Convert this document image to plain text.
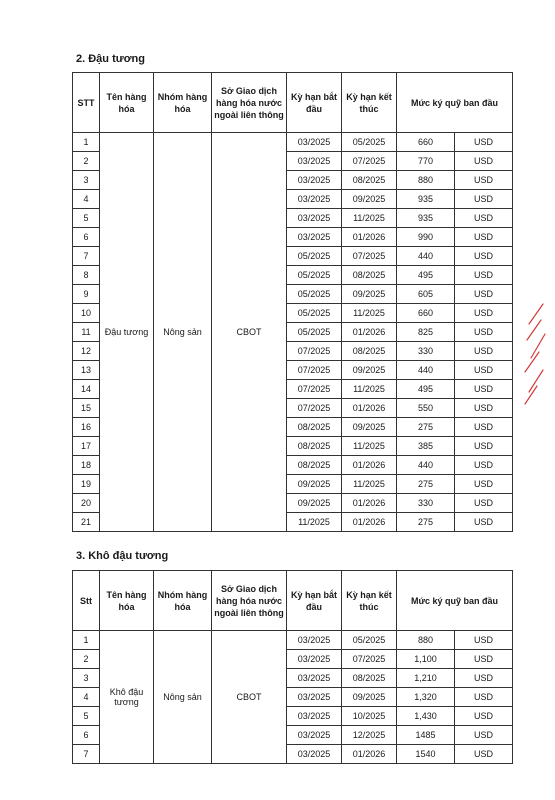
2. Đậu tương
STT	Tên hàng hóa	Nhóm hàng hóa	Sở Giao dịch hàng hóa nước ngoài liên thông	Kỳ hạn bắt đầu	Kỳ hạn kết thúc	Mức ký quỹ ban đầu	
1	Đậu tương	Nông sản	CBOT	03/2025	05/2025	660	USD
2				03/2025	07/2025	770	USD
3				03/2025	08/2025	880	USD
4				03/2025	09/2025	935	USD
5				03/2025	11/2025	935	USD
6				03/2025	01/2026	990	USD
7				05/2025	07/2025	440	USD
8				05/2025	08/2025	495	USD
9				05/2025	09/2025	605	USD
10				05/2025	11/2025	660	USD
11				05/2025	01/2026	825	USD
12				07/2025	08/2025	330	USD
13				07/2025	09/2025	440	USD
14				07/2025	11/2025	495	USD
15				07/2025	01/2026	550	USD
16				08/2025	09/2025	275	USD
17				08/2025	11/2025	385	USD
18				08/2025	01/2026	440	USD
19				09/2025	11/2025	275	USD
20				09/2025	01/2026	330	USD
21				11/2025	01/2026	275	USD
3. Khô đậu tương
Stt	Tên hàng hóa	Nhóm hàng hóa	Sở Giao dịch hàng hóa nước ngoài liên thông	Kỳ hạn bắt đầu	Kỳ hạn kết thúc	Mức ký quỹ ban đầu	
1	Khô đậu tương	Nông sản	CBOT	03/2025	05/2025	880	USD
2				03/2025	07/2025	1,100	USD
3				03/2025	08/2025	1,210	USD
4				03/2025	09/2025	1,320	USD
5				03/2025	10/2025	1,430	USD
6				03/2025	12/2025	1485	USD
7				03/2025	01/2026	1540	USD
